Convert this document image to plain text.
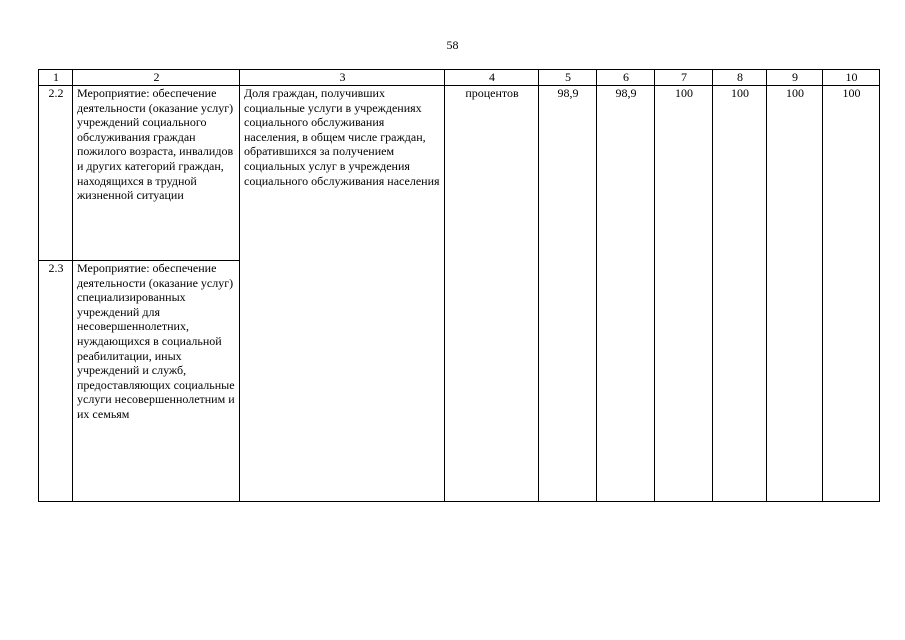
58
1	2	3	4	5	6	7	8	9	10
2.2	Мероприятие: обеспечение деятельности (оказание услуг) учреждений социального обслуживания граждан пожилого возраста, инвалидов и других категорий граждан, находящихся в трудной жизненной ситуации	Доля граждан, получивших социальные услуги в учреждениях социального обслуживания населения, в общем числе граждан, обратившихся за получением социальных услуг в учреждения социального обслуживания населения	процентов	98,9	98,9	100	100	100	100
2.3	Мероприятие: обеспечение деятельности (оказание услуг) специализированных учреждений для несовершеннолетних, нуждающихся в социальной реабилитации, иных учреждений и служб, предоставляющих социальные услуги несовершеннолетним и их семьям								
